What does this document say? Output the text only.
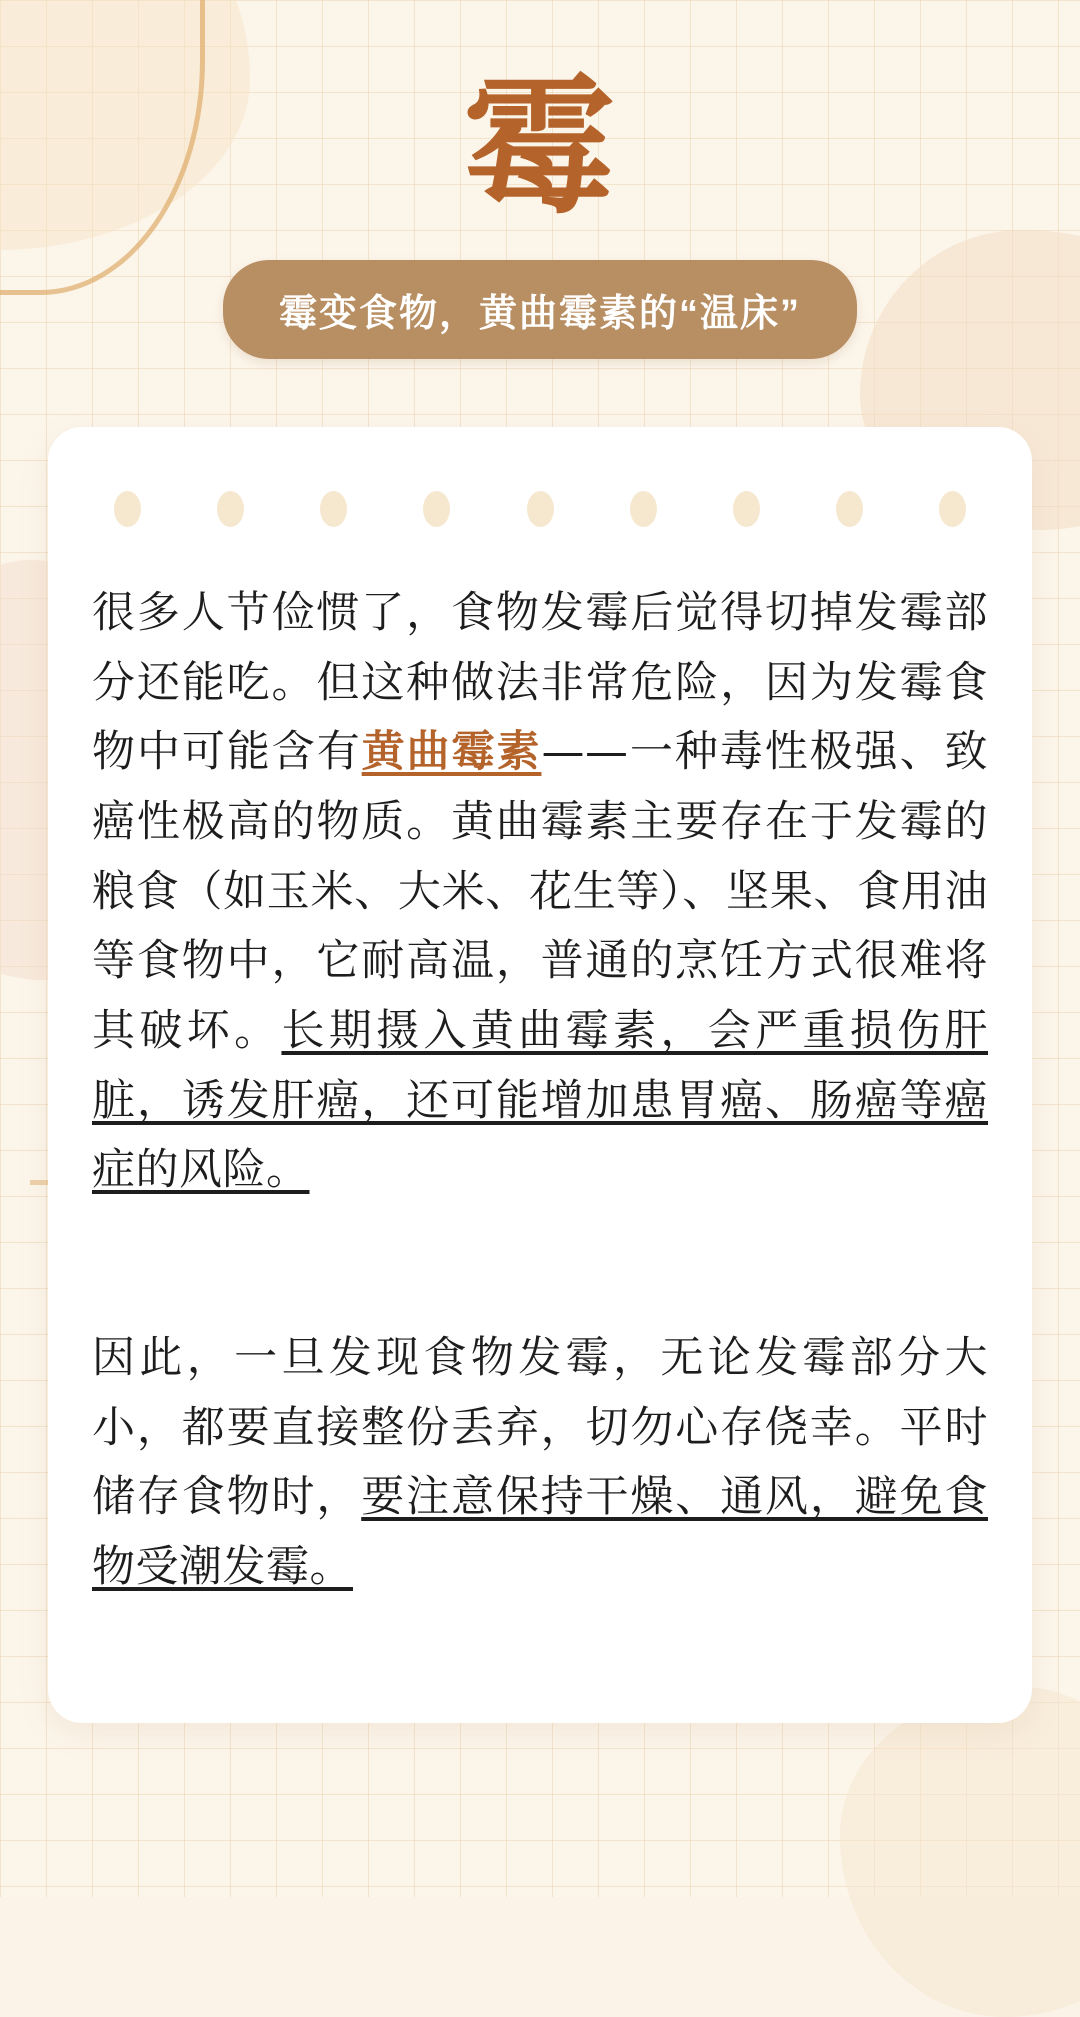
霉
霉变食物，黄曲霉素的“温床”

很多人节俭惯了，食物发霉后觉得切掉发霉部分还能吃。但这种做法非常危险，因为发霉食物中可能含有黄曲霉素——一种毒性极强、致癌性极高的物质。黄曲霉素主要存在于发霉的粮食（如玉米、大米、花生等）、坚果、食用油等食物中，它耐高温，普通的烹饪方式很难将其破坏。长期摄入黄曲霉素，会严重损伤肝脏，诱发肝癌，还可能增加患胃癌、肠癌等癌症的风险。

因此，一旦发现食物发霉，无论发霉部分大小，都要直接整份丢弃，切勿心存侥幸。平时储存食物时，要注意保持干燥、通风，避免食物受潮发霉。
